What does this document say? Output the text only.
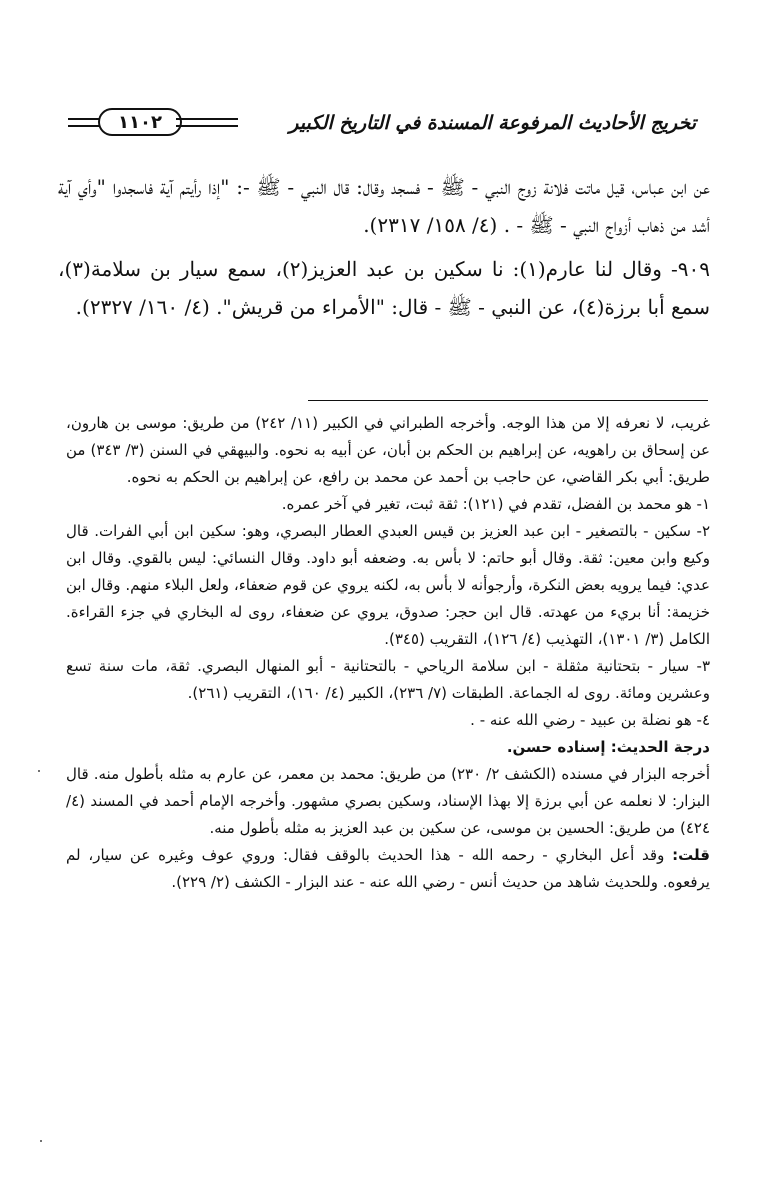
١١٠٢	تخريج الأحاديث المرفوعة المسندة في التاريخ الكبير

عن ابن عباس، قيل ماتت فلانة زوج النبي - ﷺ - فسجد وقال: قال النبي - ﷺ -: "إذا رأيتم آية فاسجدوا "وأي آية أشد من ذهاب أزواج النبي - ﷺ - . (٤/ ١٥٨/ ٢٣١٧).

٩٠٩- وقال لنا عارم(١): نا سكين بن عبد العزيز(٢)، سمع سيار بن سلامة(٣)، سمع أبا برزة(٤)، عن النبي - ﷺ - قال: "الأمراء من قريش". (٤/ ١٦٠/ ٢٣٢٧).

غريب، لا نعرفه إلا من هذا الوجه. وأخرجه الطبراني في الكبير (١١/ ٢٤٢) من طريق: موسى بن هارون، عن إسحاق بن راهويه، عن إبراهيم بن الحكم بن أبان، عن أبيه به نحوه. والبيهقي في السنن (٣/ ٣٤٣) من طريق: أبي بكر القاضي، عن حاجب بن أحمد عن محمد بن رافع، عن إبراهيم بن الحكم به نحوه.

١- هو محمد بن الفضل، تقدم في (١٢١): ثقة ثبت، تغير في آخر عمره.

٢- سكين - بالتصغير - ابن عبد العزيز بن قيس العبدي العطار البصري، وهو: سكين ابن أبي الفرات. قال وكيع وابن معين: ثقة. وقال أبو حاتم: لا بأس به. وضعفه أبو داود. وقال النسائي: ليس بالقوي. وقال ابن عدي: فيما يرويه بعض النكرة، وأرجوأنه لا بأس به، لكنه يروي عن قوم ضعفاء، ولعل البلاء منهم. وقال ابن خزيمة: أنا بريء من عهدته. قال ابن حجر: صدوق، يروي عن ضعفاء، روى له البخاري في جزء القراءة. الكامل (٣/ ١٣٠١)، التهذيب (٤/ ١٢٦)، التقريب (٣٤٥).

٣- سيار - بتحتانية مثقلة - ابن سلامة الرياحي - بالتحتانية - أبو المنهال البصري. ثقة، مات سنة تسع وعشرين ومائة. روى له الجماعة. الطبقات (٧/ ٢٣٦)، الكبير (٤/ ١٦٠)، التقريب (٢٦١).

٤- هو نضلة بن عبيد - رضي الله عنه - .

درجة الحديث: إسناده حسن.

أخرجه البزار في مسنده (الكشف ٢/ ٢٣٠) من طريق: محمد بن معمر، عن عارم به مثله بأطول منه. قال البزار: لا نعلمه عن أبي برزة إلا بهذا الإسناد، وسكين بصري مشهور. وأخرجه الإمام أحمد في المسند (٤/ ٤٢٤) من طريق: الحسين بن موسى، عن سكين بن عبد العزيز به مثله بأطول منه.

قلت: وقد أعل البخاري - رحمه الله - هذا الحديث بالوقف فقال: وروي عوف وغيره عن سيار، لم يرفعوه. وللحديث شاهد من حديث أنس - رضي الله عنه - عند البزار - الكشف (٢/ ٢٢٩).
